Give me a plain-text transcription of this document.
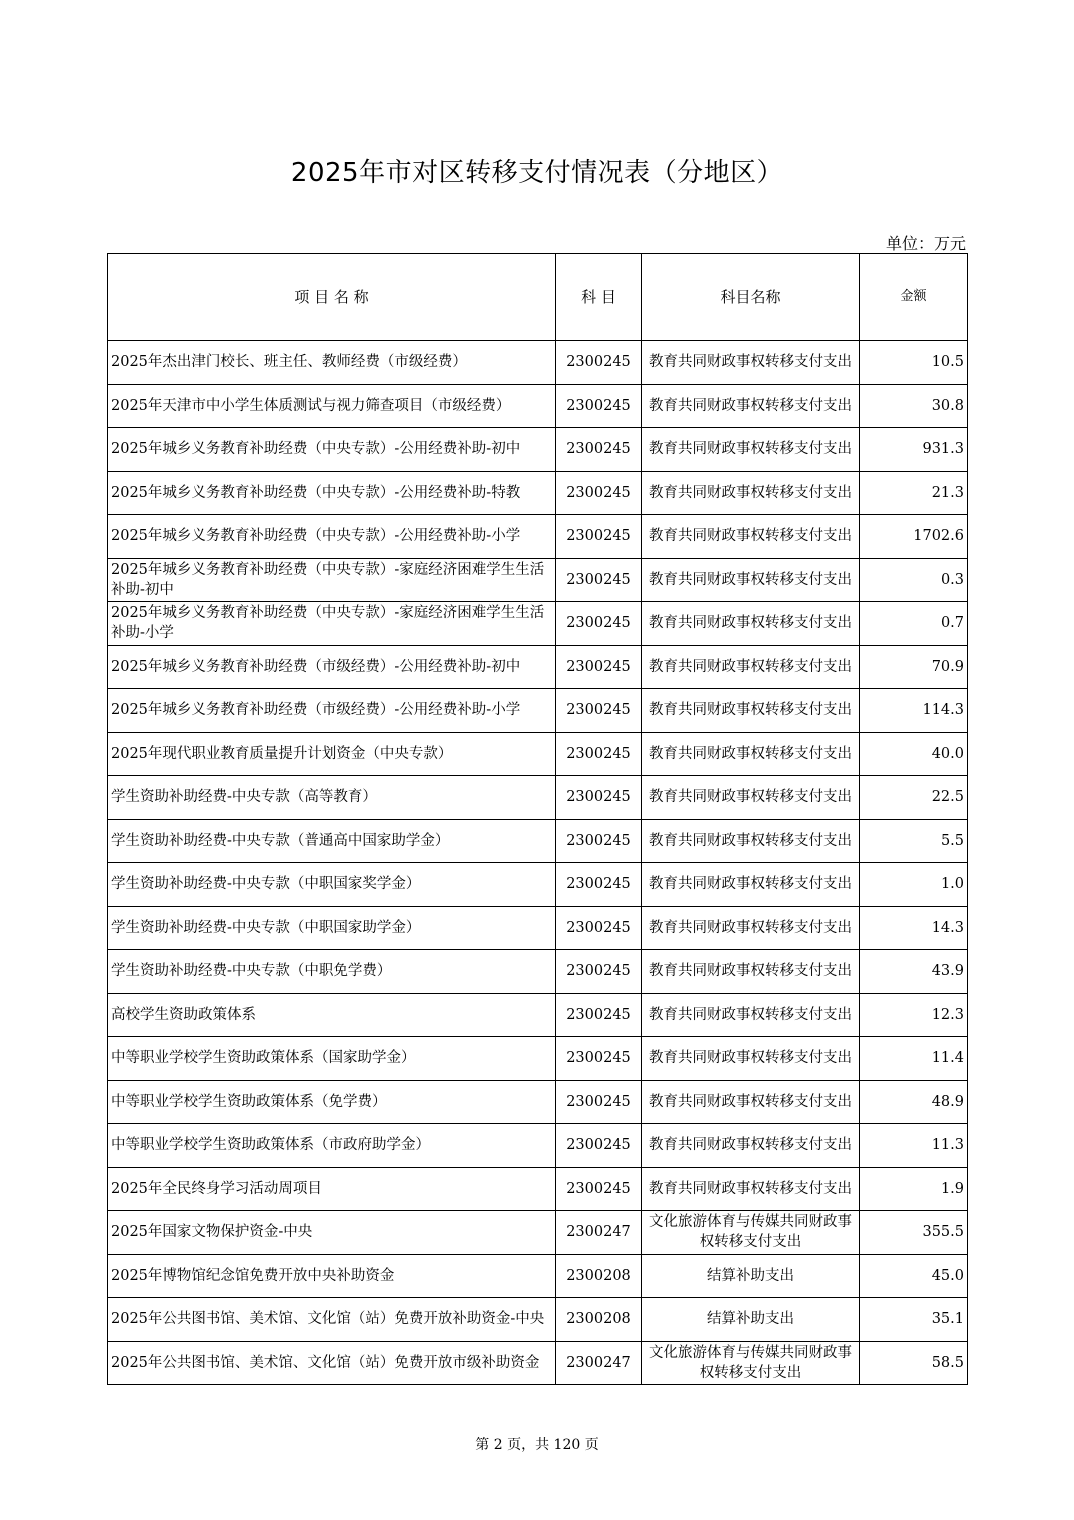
2025年市对区转移支付情况表（分地区）
单位：万元
项 目 名 称	科 目	科目名称	金额
2025年杰出津门校长、班主任、教师经费（市级经费）	2300245	教育共同财政事权转移支付支出	10.5
2025年天津市中小学生体质测试与视力筛查项目（市级经费）	2300245	教育共同财政事权转移支付支出	30.8
2025年城乡义务教育补助经费（中央专款）-公用经费补助-初中	2300245	教育共同财政事权转移支付支出	931.3
2025年城乡义务教育补助经费（中央专款）-公用经费补助-特教	2300245	教育共同财政事权转移支付支出	21.3
2025年城乡义务教育补助经费（中央专款）-公用经费补助-小学	2300245	教育共同财政事权转移支付支出	1702.6
2025年城乡义务教育补助经费（中央专款）-家庭经济困难学生生活补助-初中	2300245	教育共同财政事权转移支付支出	0.3
2025年城乡义务教育补助经费（中央专款）-家庭经济困难学生生活补助-小学	2300245	教育共同财政事权转移支付支出	0.7
2025年城乡义务教育补助经费（市级经费）-公用经费补助-初中	2300245	教育共同财政事权转移支付支出	70.9
2025年城乡义务教育补助经费（市级经费）-公用经费补助-小学	2300245	教育共同财政事权转移支付支出	114.3
2025年现代职业教育质量提升计划资金（中央专款）	2300245	教育共同财政事权转移支付支出	40.0
学生资助补助经费-中央专款（高等教育）	2300245	教育共同财政事权转移支付支出	22.5
学生资助补助经费-中央专款（普通高中国家助学金）	2300245	教育共同财政事权转移支付支出	5.5
学生资助补助经费-中央专款（中职国家奖学金）	2300245	教育共同财政事权转移支付支出	1.0
学生资助补助经费-中央专款（中职国家助学金）	2300245	教育共同财政事权转移支付支出	14.3
学生资助补助经费-中央专款（中职免学费）	2300245	教育共同财政事权转移支付支出	43.9
高校学生资助政策体系	2300245	教育共同财政事权转移支付支出	12.3
中等职业学校学生资助政策体系（国家助学金）	2300245	教育共同财政事权转移支付支出	11.4
中等职业学校学生资助政策体系（免学费）	2300245	教育共同财政事权转移支付支出	48.9
中等职业学校学生资助政策体系（市政府助学金）	2300245	教育共同财政事权转移支付支出	11.3
2025年全民终身学习活动周项目	2300245	教育共同财政事权转移支付支出	1.9
2025年国家文物保护资金-中央	2300247	文化旅游体育与传媒共同财政事权转移支付支出	355.5
2025年博物馆纪念馆免费开放中央补助资金	2300208	结算补助支出	45.0
2025年公共图书馆、美术馆、文化馆（站）免费开放补助资金-中央	2300208	结算补助支出	35.1
2025年公共图书馆、美术馆、文化馆（站）免费开放市级补助资金	2300247	文化旅游体育与传媒共同财政事权转移支付支出	58.5
第 2 页，共 120 页
